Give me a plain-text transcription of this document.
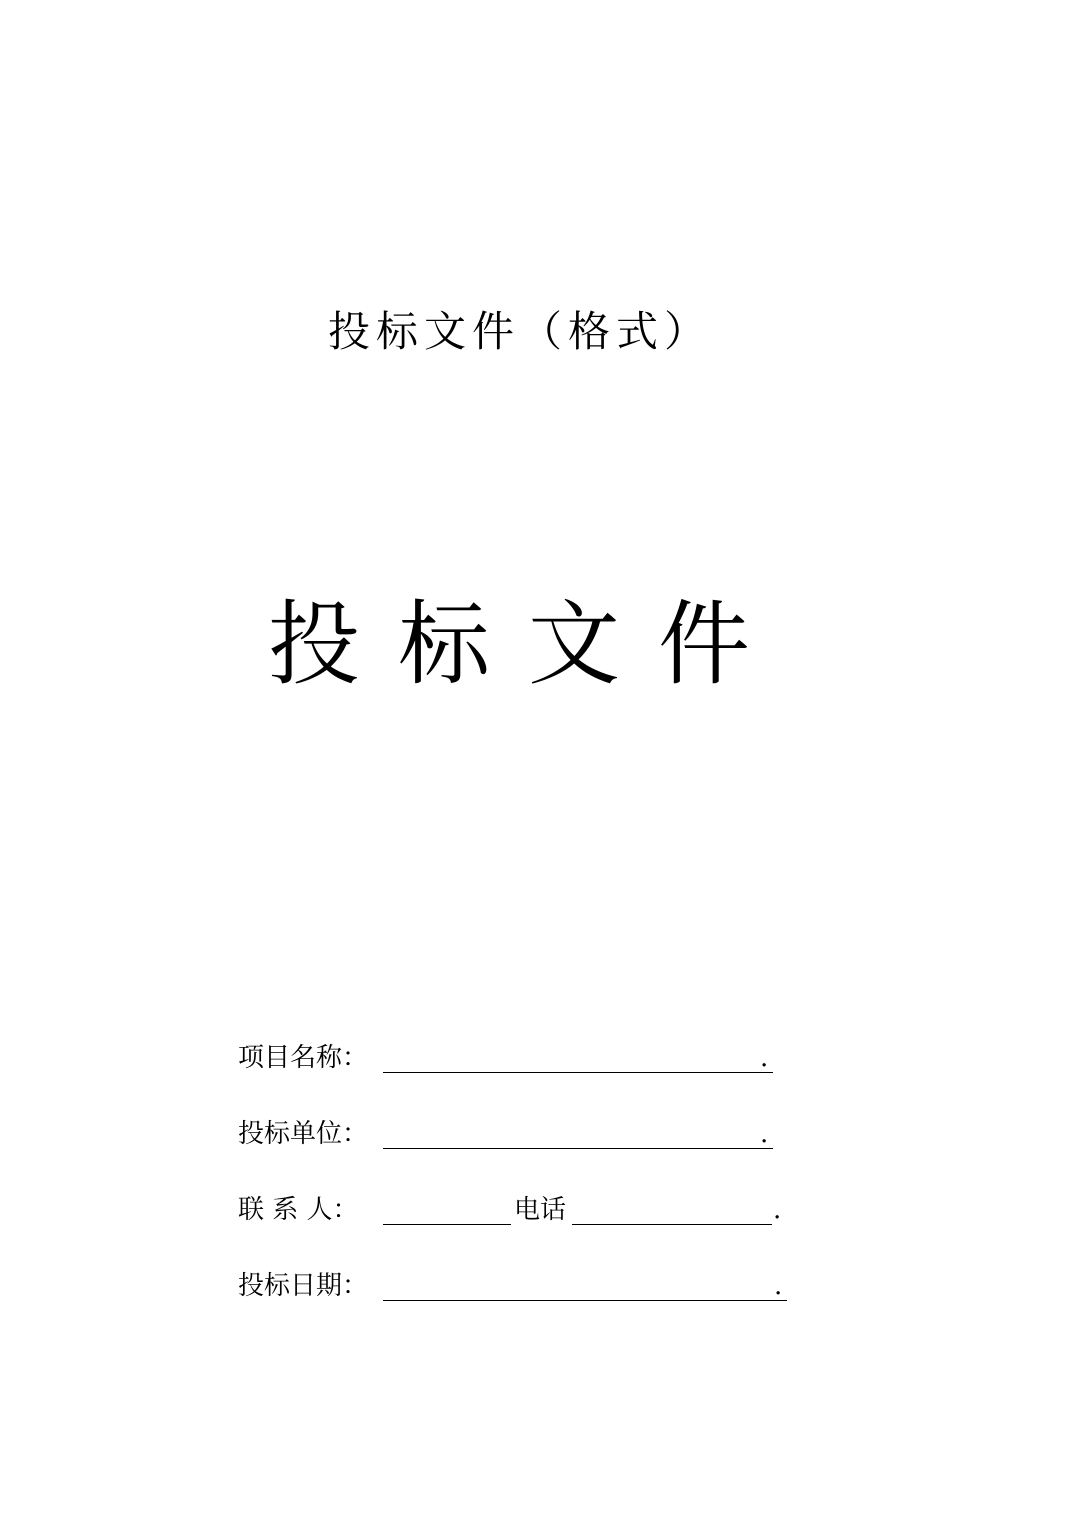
投标文件（格式）
投 标 文 件
项目名称：	.
投标单位：	.
联 系 人：	电话	.
投标日期：	.
